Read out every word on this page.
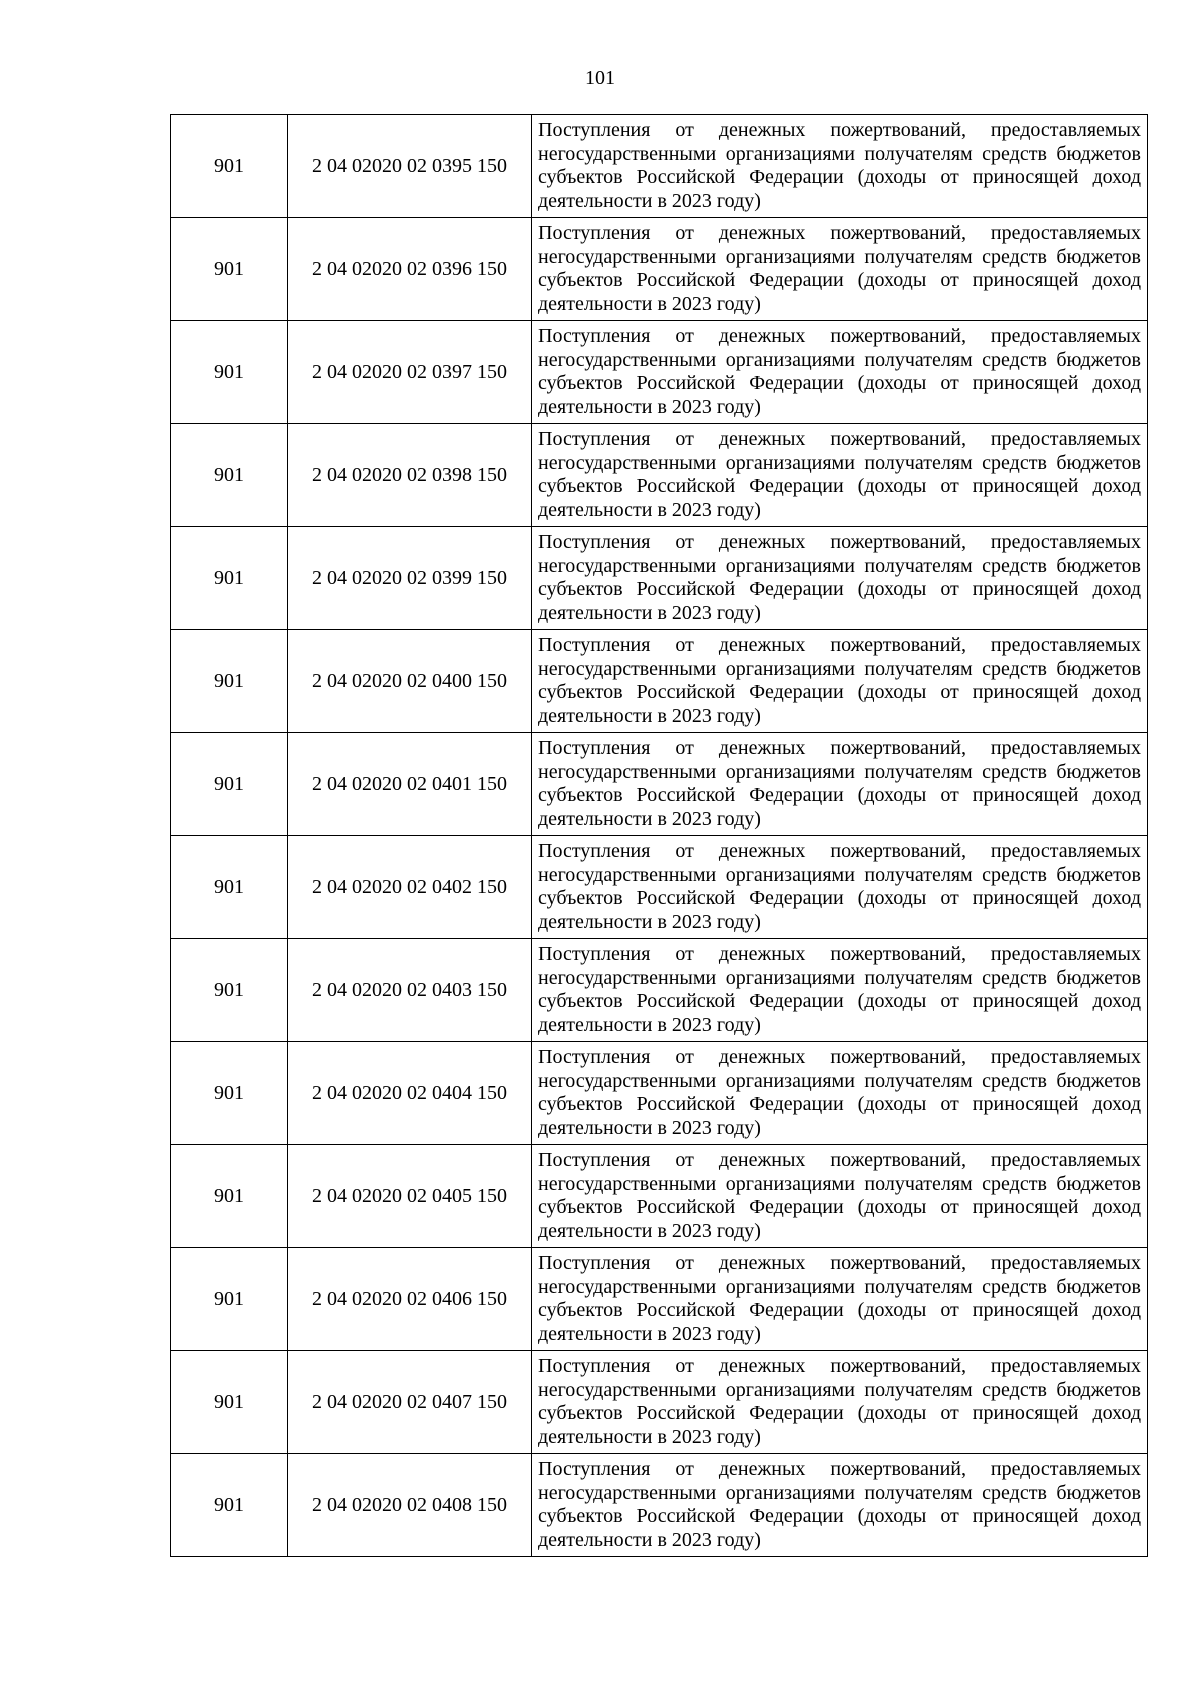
101
901	2 04 02020 02 0395 150	Поступления от денежных пожертвований, предоставляемых негосударственными организациями получателям средств бюджетов субъектов Российской Федерации (доходы от приносящей доход деятельности в 2023 году)
901	2 04 02020 02 0396 150	Поступления от денежных пожертвований, предоставляемых негосударственными организациями получателям средств бюджетов субъектов Российской Федерации (доходы от приносящей доход деятельности в 2023 году)
901	2 04 02020 02 0397 150	Поступления от денежных пожертвований, предоставляемых негосударственными организациями получателям средств бюджетов субъектов Российской Федерации (доходы от приносящей доход деятельности в 2023 году)
901	2 04 02020 02 0398 150	Поступления от денежных пожертвований, предоставляемых негосударственными организациями получателям средств бюджетов субъектов Российской Федерации (доходы от приносящей доход деятельности в 2023 году)
901	2 04 02020 02 0399 150	Поступления от денежных пожертвований, предоставляемых негосударственными организациями получателям средств бюджетов субъектов Российской Федерации (доходы от приносящей доход деятельности в 2023 году)
901	2 04 02020 02 0400 150	Поступления от денежных пожертвований, предоставляемых негосударственными организациями получателям средств бюджетов субъектов Российской Федерации (доходы от приносящей доход деятельности в 2023 году)
901	2 04 02020 02 0401 150	Поступления от денежных пожертвований, предоставляемых негосударственными организациями получателям средств бюджетов субъектов Российской Федерации (доходы от приносящей доход деятельности в 2023 году)
901	2 04 02020 02 0402 150	Поступления от денежных пожертвований, предоставляемых негосударственными организациями получателям средств бюджетов субъектов Российской Федерации (доходы от приносящей доход деятельности в 2023 году)
901	2 04 02020 02 0403 150	Поступления от денежных пожертвований, предоставляемых негосударственными организациями получателям средств бюджетов субъектов Российской Федерации (доходы от приносящей доход деятельности в 2023 году)
901	2 04 02020 02 0404 150	Поступления от денежных пожертвований, предоставляемых негосударственными организациями получателям средств бюджетов субъектов Российской Федерации (доходы от приносящей доход деятельности в 2023 году)
901	2 04 02020 02 0405 150	Поступления от денежных пожертвований, предоставляемых негосударственными организациями получателям средств бюджетов субъектов Российской Федерации (доходы от приносящей доход деятельности в 2023 году)
901	2 04 02020 02 0406 150	Поступления от денежных пожертвований, предоставляемых негосударственными организациями получателям средств бюджетов субъектов Российской Федерации (доходы от приносящей доход деятельности в 2023 году)
901	2 04 02020 02 0407 150	Поступления от денежных пожертвований, предоставляемых негосударственными организациями получателям средств бюджетов субъектов Российской Федерации (доходы от приносящей доход деятельности в 2023 году)
901	2 04 02020 02 0408 150	Поступления от денежных пожертвований, предоставляемых негосударственными организациями получателям средств бюджетов субъектов Российской Федерации (доходы от приносящей доход деятельности в 2023 году)
